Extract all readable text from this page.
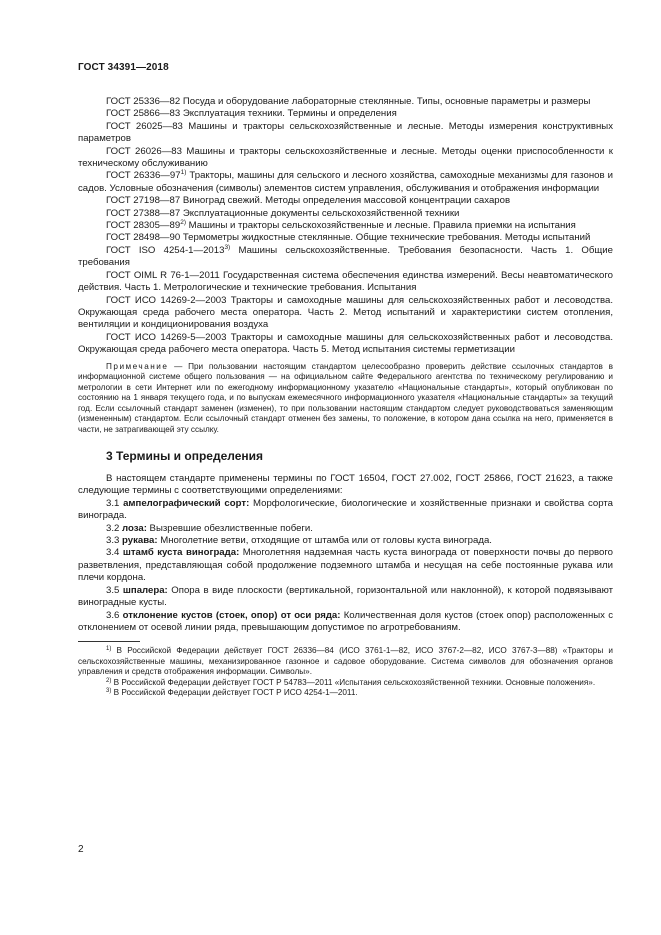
ГОСТ 34391—2018

ГОСТ 25336—82 Посуда и оборудование лабораторные стеклянные. Типы, основные параметры и размеры

ГОСТ 25866—83 Эксплуатация техники. Термины и определения

ГОСТ 26025—83 Машины и тракторы сельскохозяйственные и лесные. Методы измерения конструктивных параметров

ГОСТ 26026—83 Машины и тракторы сельскохозяйственные и лесные. Методы оценки приспособленности к техническому обслуживанию

ГОСТ 26336—97$^{1)}$ Тракторы, машины для сельского и лесного хозяйства, самоходные механизмы для газонов и садов. Условные обозначения (символы) элементов систем управления, обслуживания и отображения информации

ГОСТ 27198—87 Виноград свежий. Методы определения массовой концентрации сахаров

ГОСТ 27388—87 Эксплуатационные документы сельскохозяйственной техники

ГОСТ 28305—89$^{2)}$ Машины и тракторы сельскохозяйственные и лесные. Правила приемки на испытания

ГОСТ 28498—90 Термометры жидкостные стеклянные. Общие технические требования. Методы испытаний

ГОСТ ISO 4254-1—2013$^{3)}$ Машины сельскохозяйственные. Требования безопасности. Часть 1. Общие требования

ГОСТ OIML R 76-1—2011 Государственная система обеспечения единства измерений. Весы неавтоматического действия. Часть 1. Метрологические и технические требования. Испытания

ГОСТ ИСО 14269-2—2003 Тракторы и самоходные машины для сельскохозяйственных работ и лесоводства. Окружающая среда рабочего места оператора. Часть 2. Метод испытаний и характеристики систем отопления, вентиляции и кондиционирования воздуха

ГОСТ ИСО 14269-5—2003 Тракторы и самоходные машины для сельскохозяйственных работ и лесоводства. Окружающая среда рабочего места оператора. Часть 5. Метод испытания системы герметизации

Примечание — При пользовании настоящим стандартом целесообразно проверить действие ссылочных стандартов в информационной системе общего пользования — на официальном сайте Федерального агентства по техническому регулированию и метрологии в сети Интернет или по ежегодному информационному указателю «Национальные стандарты», который опубликован по состоянию на 1 января текущего года, и по выпускам ежемесячного информационного указателя «Национальные стандарты» за текущий год. Если ссылочный стандарт заменен (изменен), то при пользовании настоящим стандартом следует руководствоваться заменяющим (измененным) стандартом. Если ссылочный стандарт отменен без замены, то положение, в котором дана ссылка на него, применяется в части, не затрагивающей эту ссылку.
3 Термины и определения

В настоящем стандарте применены термины по ГОСТ 16504, ГОСТ 27.002, ГОСТ 25866, ГОСТ 21623, а также следующие термины с соответствующими определениями:

3.1 ампелографический сорт: Морфологические, биологические и хозяйственные признаки и свойства сорта винограда.

3.2 лоза: Вызревшие обезлиственные побеги.

3.3 рукава: Многолетние ветви, отходящие от штамба или от головы куста винограда.

3.4 штамб куста винограда: Многолетняя надземная часть куста винограда от поверхности почвы до первого разветвления, представляющая собой продолжение подземного штамба и несущая на себе постоянные рукава или плечи кордона.

3.5 шпалера: Опора в виде плоскости (вертикальной, горизонтальной или наклонной), к которой подвязывают виноградные кусты.

3.6 отклонение кустов (стоек, опор) от оси ряда: Количественная доля кустов (стоек опор) расположенных с отклонением от осевой линии ряда, превышающим допустимое по агротребованиям.

$^{1)}$ В Российской Федерации действует ГОСТ 26336—84 (ИСО 3761-1—82, ИСО 3767-2—82, ИСО 3767-3—88) «Тракторы и сельскохозяйственные машины, механизированное газонное и садовое оборудование. Система символов для обозначения органов управления и средств отображения информации. Символы».

$^{2)}$ В Российской Федерации действует ГОСТ Р 54783—2011 «Испытания сельскохозяйственной техники. Основные положения».

$^{3)}$ В Российской Федерации действует ГОСТ Р ИСО 4254-1—2011.

2
